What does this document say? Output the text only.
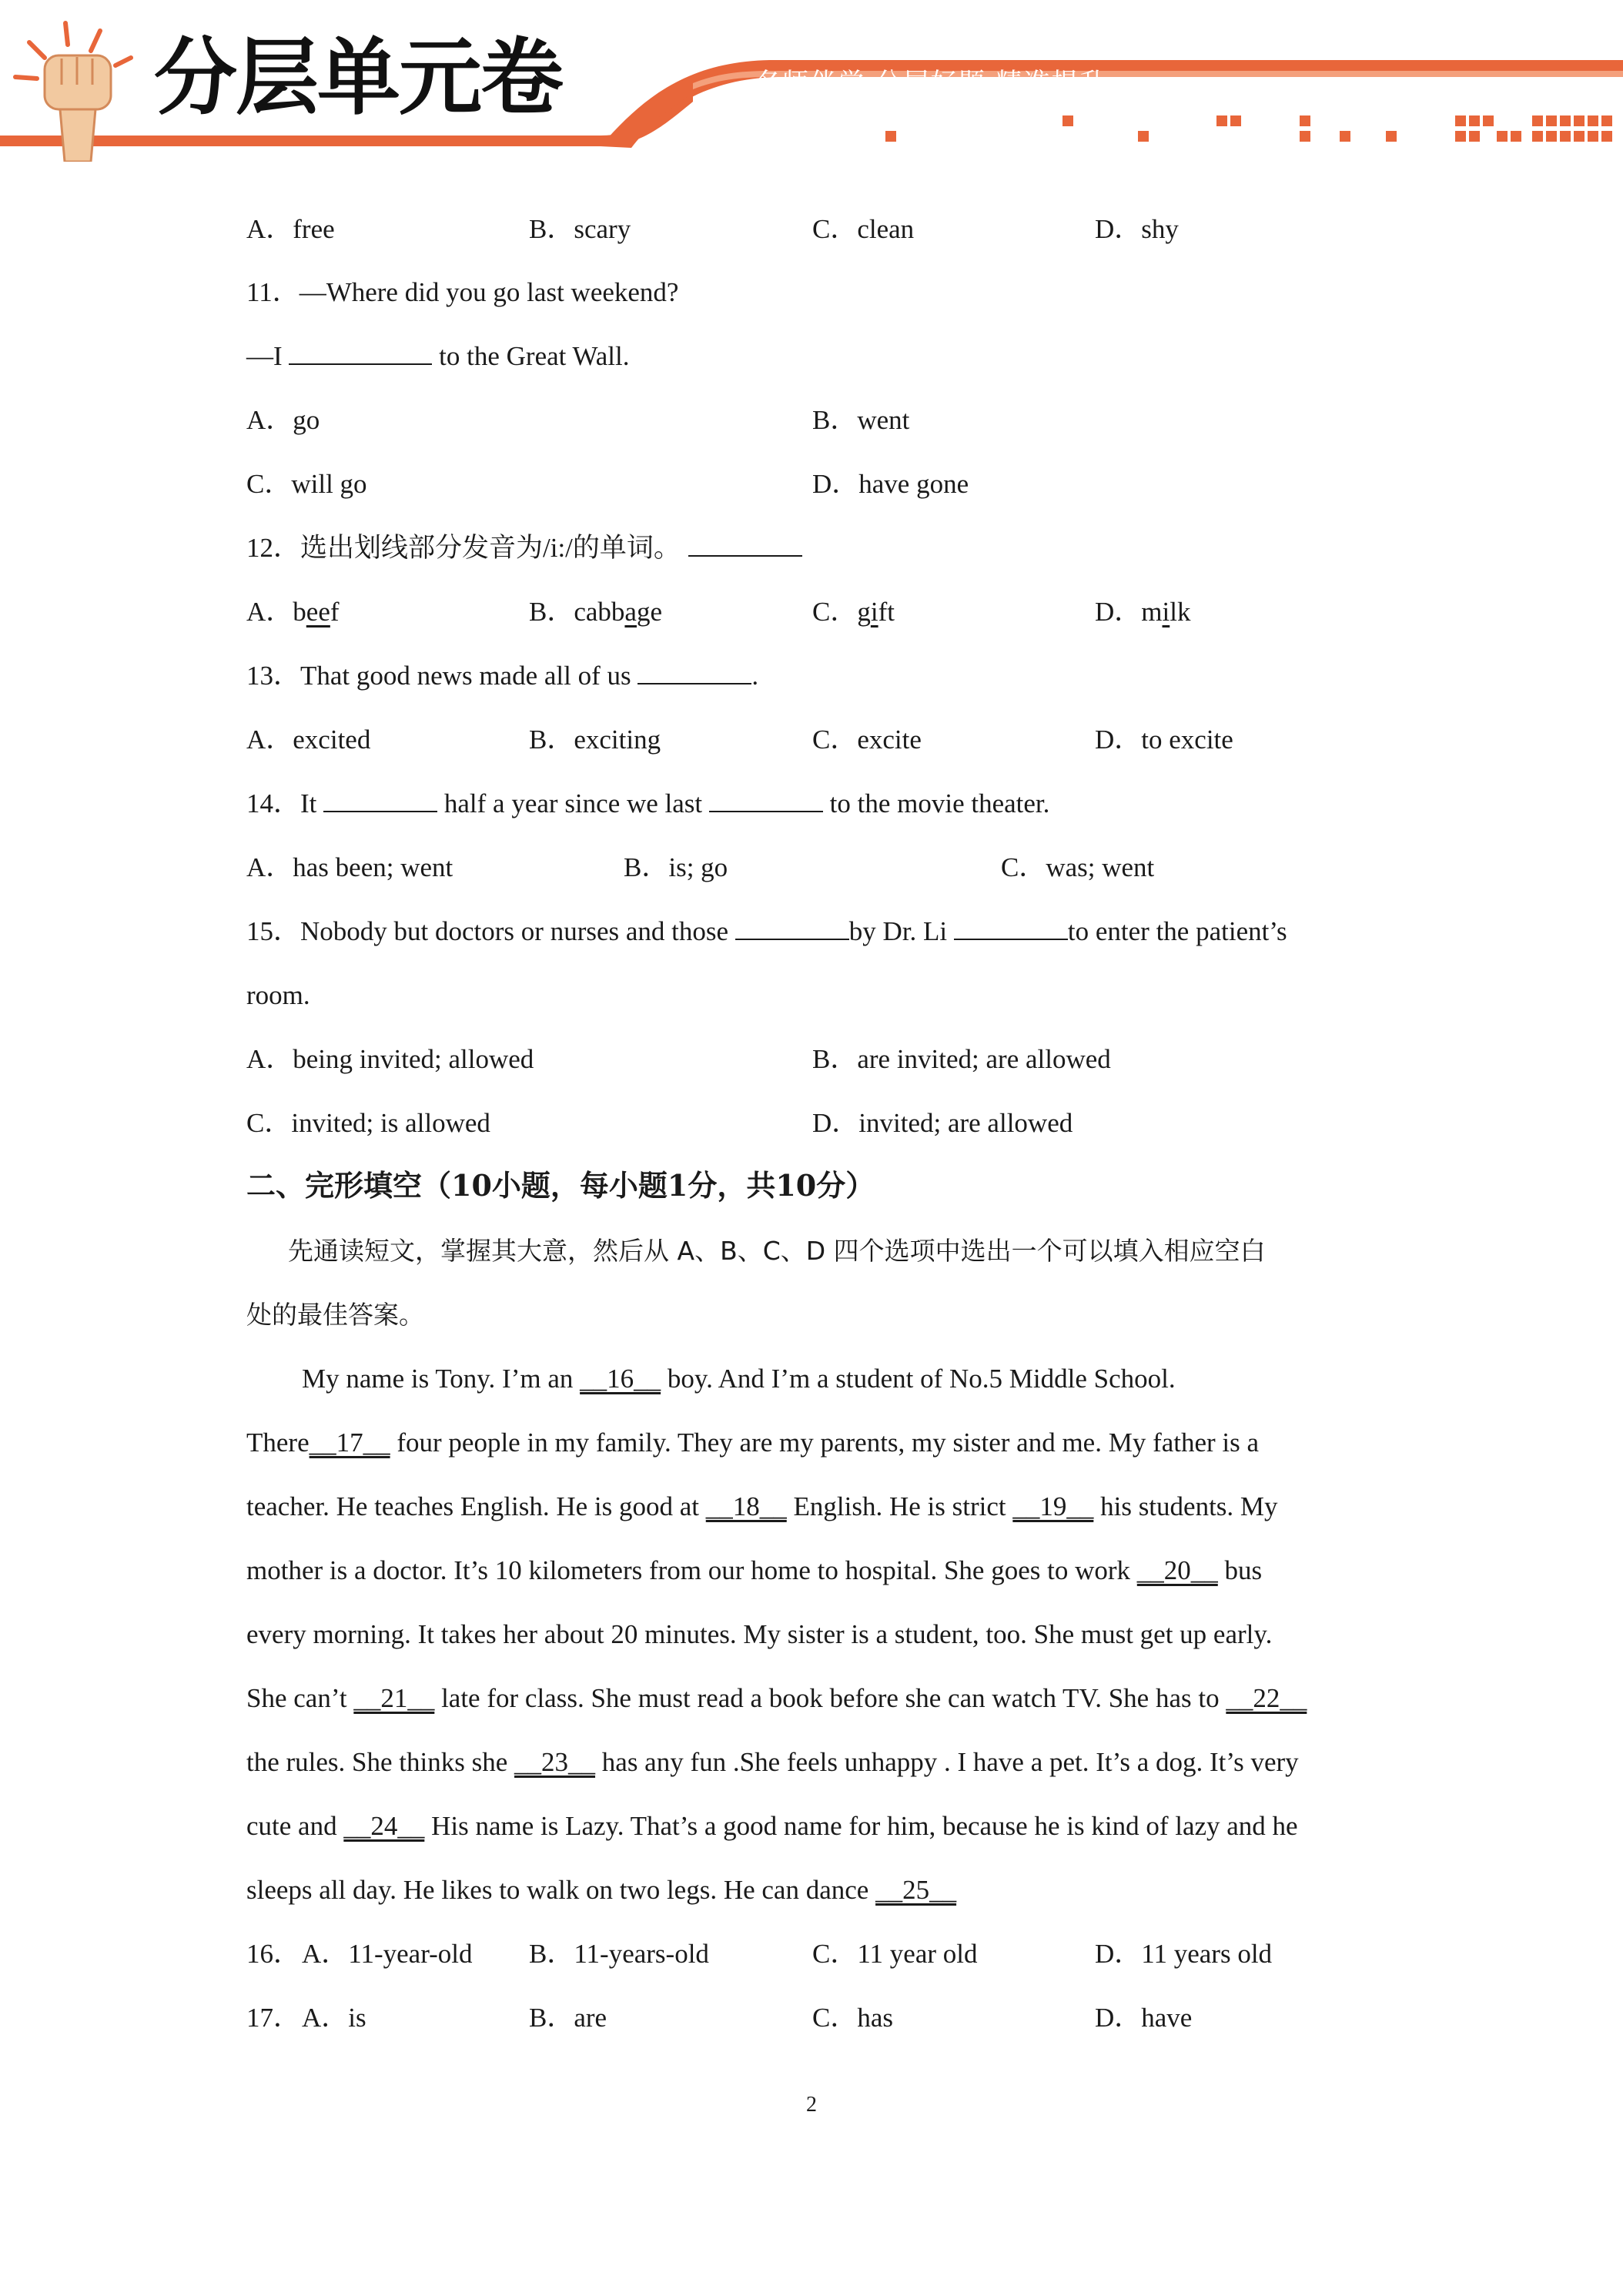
分层单元卷	名师伴学 分层好题 精准提升
A．free	B．scary	C．clean	D．shy
11．—Where did you go last weekend?
—I	to the Great Wall.
A．go	B．went
C．will go	D．have gone
12．选出划线部分发音为/i:/的单词。
A．beef	B．cabbage	C．gift	D．milk
13．That good news made all of us	.
A．excited	B．exciting	C．excite	D．to excite
14．It	half a year since we last	to the movie theater.
A．has been; went	B．is; go	C．was; went
15．Nobody but doctors or nurses and those	by Dr. Li	to enter the patient’s
room.
A．being invited; allowed	B．are invited; are allowed
C．invited; is allowed	D．invited; are allowed
二、完形填空（10小题，每小题1分，共10分）
先通读短文，掌握其大意，然后从 A、B、C、D 四个选项中选出一个可以填入相应空白
处的最佳答案。
My name is Tony. I’m an __16__ boy. And I’m a student of No.5 Middle School.
There__17__ four people in my family. They are my parents, my sister and me. My father is a
teacher. He teaches English. He is good at __18__ English. He is strict __19__ his students. My
mother is a doctor. It’s 10 kilometers from our home to hospital. She goes to work __20__ bus
every morning. It takes her about 20 minutes. My sister is a student, too. She must get up early.
She can’t __21__ late for class. She must read a book before she can watch TV. She has to __22__
the rules. She thinks she __23__ has any fun .She feels unhappy . I have a pet. It’s a dog. It’s very
cute and __24__ His name is Lazy. That’s a good name for him, because he is kind of lazy and he
sleeps all day. He likes to walk on two legs. He can dance __25__
16． A．11-year-old B．11-years-old	C．11 year old	D．11 years old
17． A．is	B．are	C．has	D．have
2
